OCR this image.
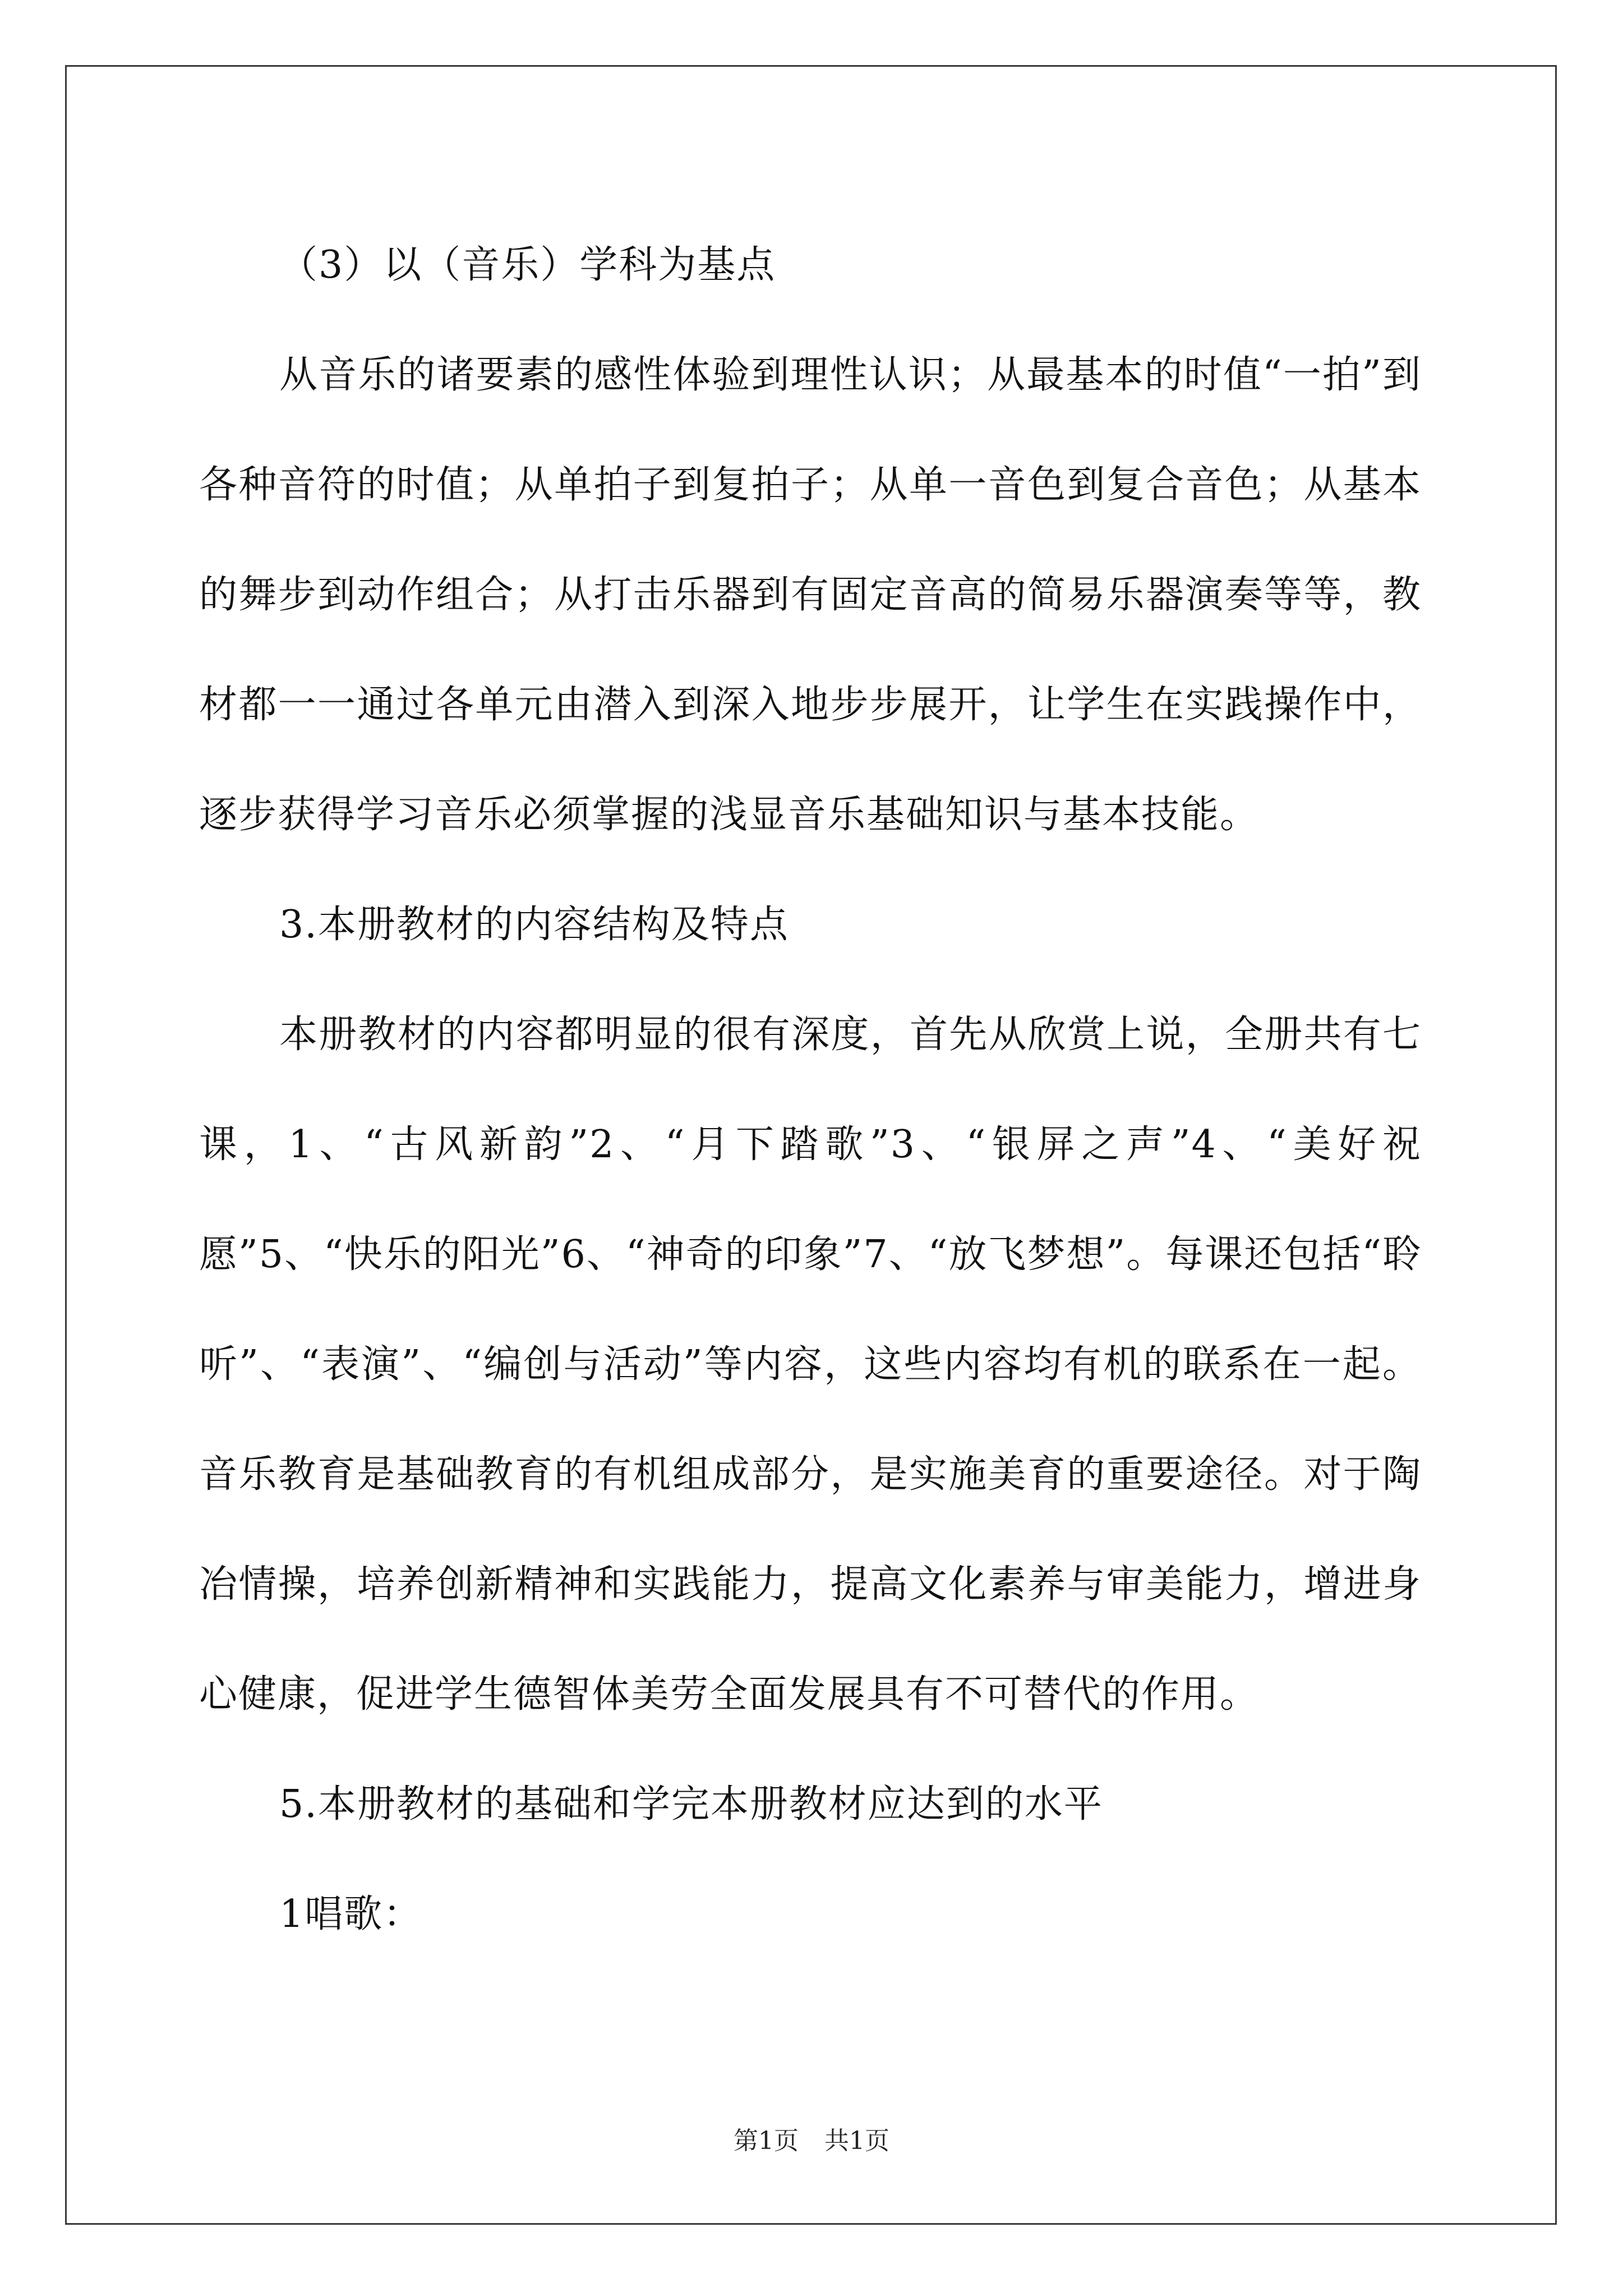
（3）以（音乐）学科为基点

从音乐的诸要素的感性体验到理性认识；从最基本的时值“一拍”到各种音符的时值；从单拍子到复拍子；从单一音色到复合音色；从基本的舞步到动作组合；从打击乐器到有固定音高的简易乐器演奏等等，教材都一一通过各单元由潜入到深入地步步展开，让学生在实践操作中，逐步获得学习音乐必须掌握的浅显音乐基础知识与基本技能。

3.本册教材的内容结构及特点

本册教材的内容都明显的很有深度，首先从欣赏上说，全册共有七课，1、“古风新韵”2、“月下踏歌”3、“银屏之声”4、“美好祝愿”5、“快乐的阳光”6、“神奇的印象”7、“放飞梦想”。每课还包括“聆听”、“表演”、“编创与活动”等内容，这些内容均有机的联系在一起。音乐教育是基础教育的有机组成部分，是实施美育的重要途径。对于陶冶情操，培养创新精神和实践能力，提高文化素养与审美能力，增进身心健康，促进学生德智体美劳全面发展具有不可替代的作用。

5.本册教材的基础和学完本册教材应达到的水平

1唱歌：

第1页 共1页
